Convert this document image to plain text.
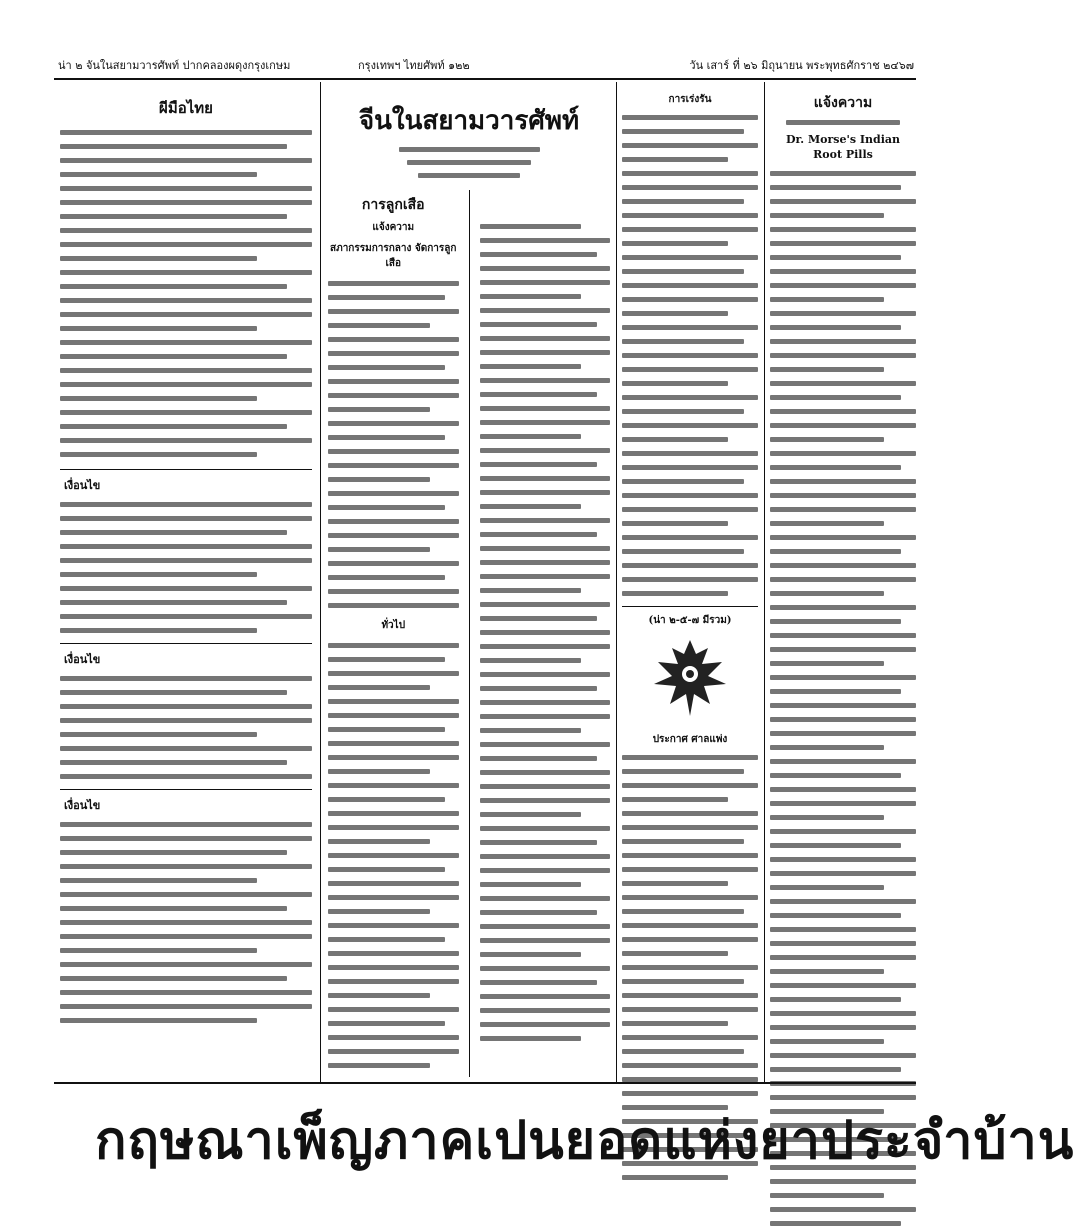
น่า ๒ จันในสยามวารศัพท์ ปากคลองผดุงกรุงเกษม	กรุงเทพฯ ไทยศัพท์ ๑๒๒	วัน เสาร์ ที่ ๒๖ มิถุนายน พระพุทธศักราช ๒๔๖๗
ผีมือไทย
เงื่อนไข
เงื่อนไข
เงื่อนไข
จีนในสยามวารศัพท์
การลูกเสือ
แจ้งความ
สภากรรมการกลาง จัดการลูกเสือ
ทั่วไป
การเร่งรัน
(น่า ๒-๕-๗ มีรวม)
ประกาศ ศาลแพ่ง
แจ้งความ
Dr. Morse's Indian
Root Pills
กฤษณาเพ็ญภาคเปนยอดแห่งยาประจำบ้าน
